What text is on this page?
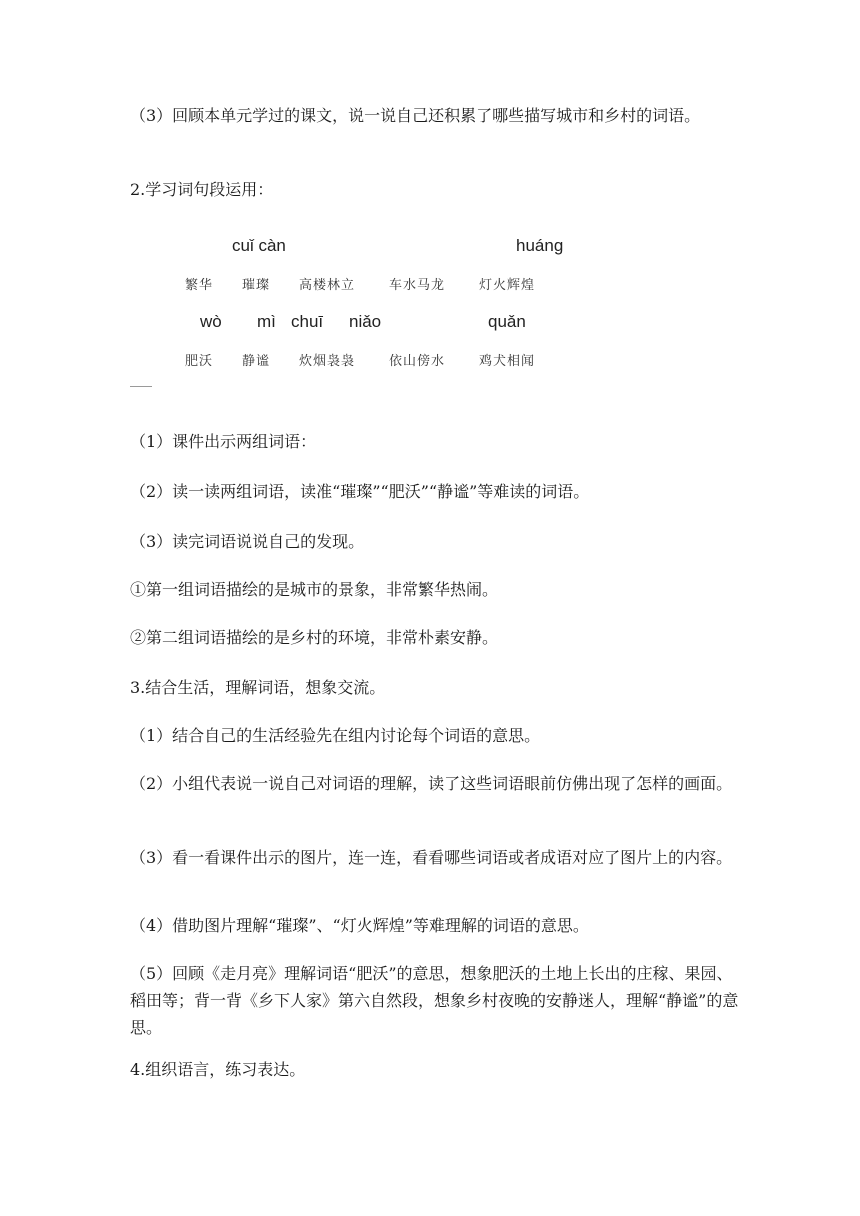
（3）回顾本单元学过的课文，说一说自己还积累了哪些描写城市和乡村的词语。

2.学习词句段运用：

cuǐ càn	huáng
繁华 璀璨 高楼林立	车水马龙	灯火辉煌
wò mì chuī niǎo	quǎn
肥沃 静谧 炊烟袅袅	依山傍水	鸡犬相闻

（1）课件出示两组词语：

（2）读一读两组词语，读准“璀璨”“肥沃”“静谧”等难读的词语。

（3）读完词语说说自己的发现。

①第一组词语描绘的是城市的景象，非常繁华热闹。

②第二组词语描绘的是乡村的环境，非常朴素安静。

3.结合生活，理解词语，想象交流。

（1）结合自己的生活经验先在组内讨论每个词语的意思。

（2）小组代表说一说自己对词语的理解，读了这些词语眼前仿佛出现了怎样的画面。

（3）看一看课件出示的图片，连一连，看看哪些词语或者成语对应了图片上的内容。

（4）借助图片理解“璀璨”、“灯火辉煌”等难理解的词语的意思。

（5）回顾《走月亮》理解词语“肥沃”的意思，想象肥沃的土地上长出的庄稼、果园、稻田等；背一背《乡下人家》第六自然段，想象乡村夜晚的安静迷人，理解“静谧”的意思。

4.组织语言，练习表达。
